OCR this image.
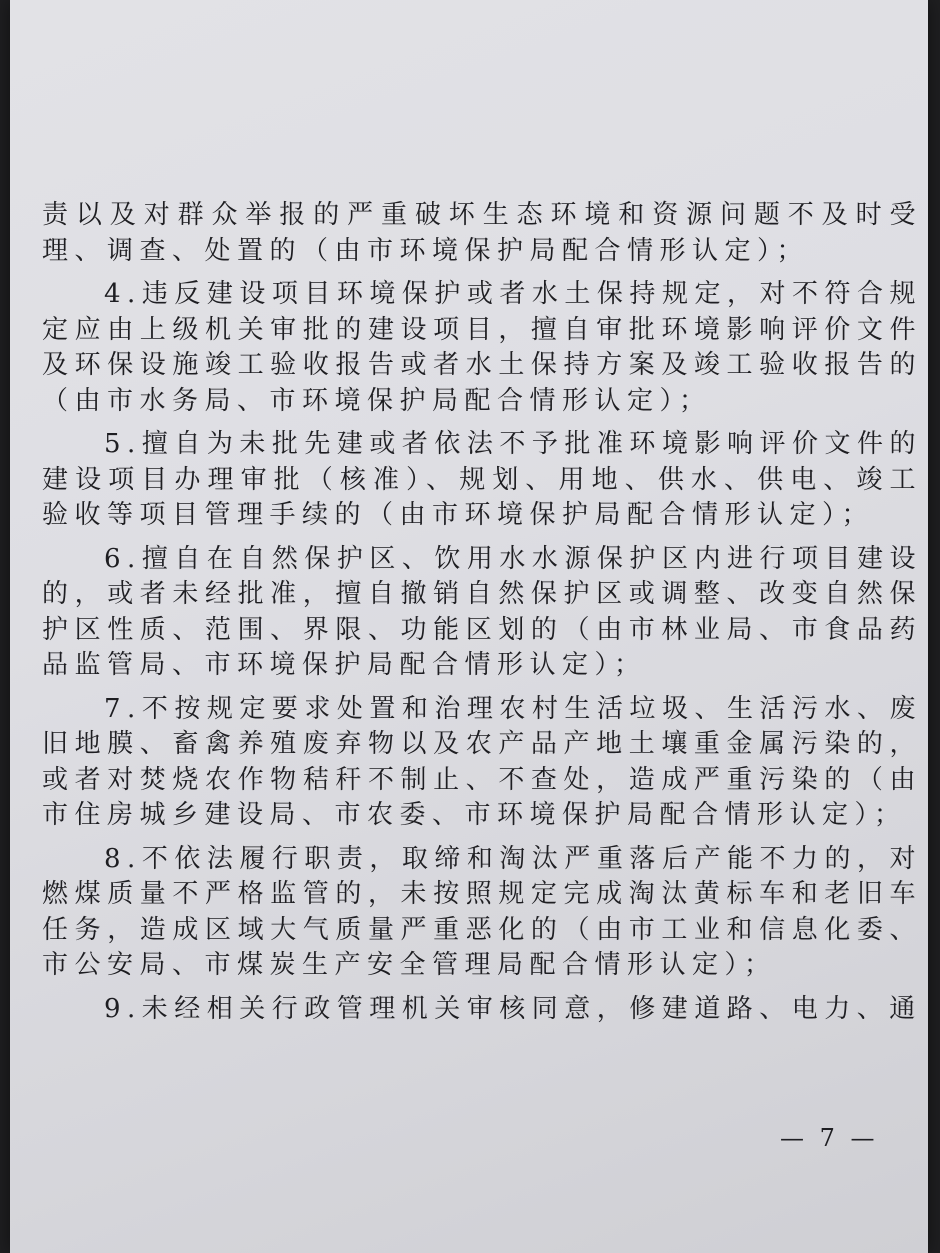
责以及对群众举报的严重破坏生态环境和资源问题不及时受理、调查、处置的（由市环境保护局配合情形认定）；

4.违反建设项目环境保护或者水土保持规定，对不符合规定应由上级机关审批的建设项目，擅自审批环境影响评价文件及环保设施竣工验收报告或者水土保持方案及竣工验收报告的（由市水务局、市环境保护局配合情形认定）；

5.擅自为未批先建或者依法不予批准环境影响评价文件的建设项目办理审批（核准）、规划、用地、供水、供电、竣工验收等项目管理手续的（由市环境保护局配合情形认定）；

6.擅自在自然保护区、饮用水水源保护区内进行项目建设的，或者未经批准，擅自撤销自然保护区或调整、改变自然保护区性质、范围、界限、功能区划的（由市林业局、市食品药品监管局、市环境保护局配合情形认定）；

7.不按规定要求处置和治理农村生活垃圾、生活污水、废旧地膜、畜禽养殖废弃物以及农产品产地土壤重金属污染的，或者对焚烧农作物秸秆不制止、不查处，造成严重污染的（由市住房城乡建设局、市农委、市环境保护局配合情形认定）；

8.不依法履行职责，取缔和淘汰严重落后产能不力的，对燃煤质量不严格监管的，未按照规定完成淘汰黄标车和老旧车任务，造成区域大气质量严重恶化的（由市工业和信息化委、市公安局、市煤炭生产安全管理局配合情形认定）；

9.未经相关行政管理机关审核同意，修建道路、电力、通

— 7 —
